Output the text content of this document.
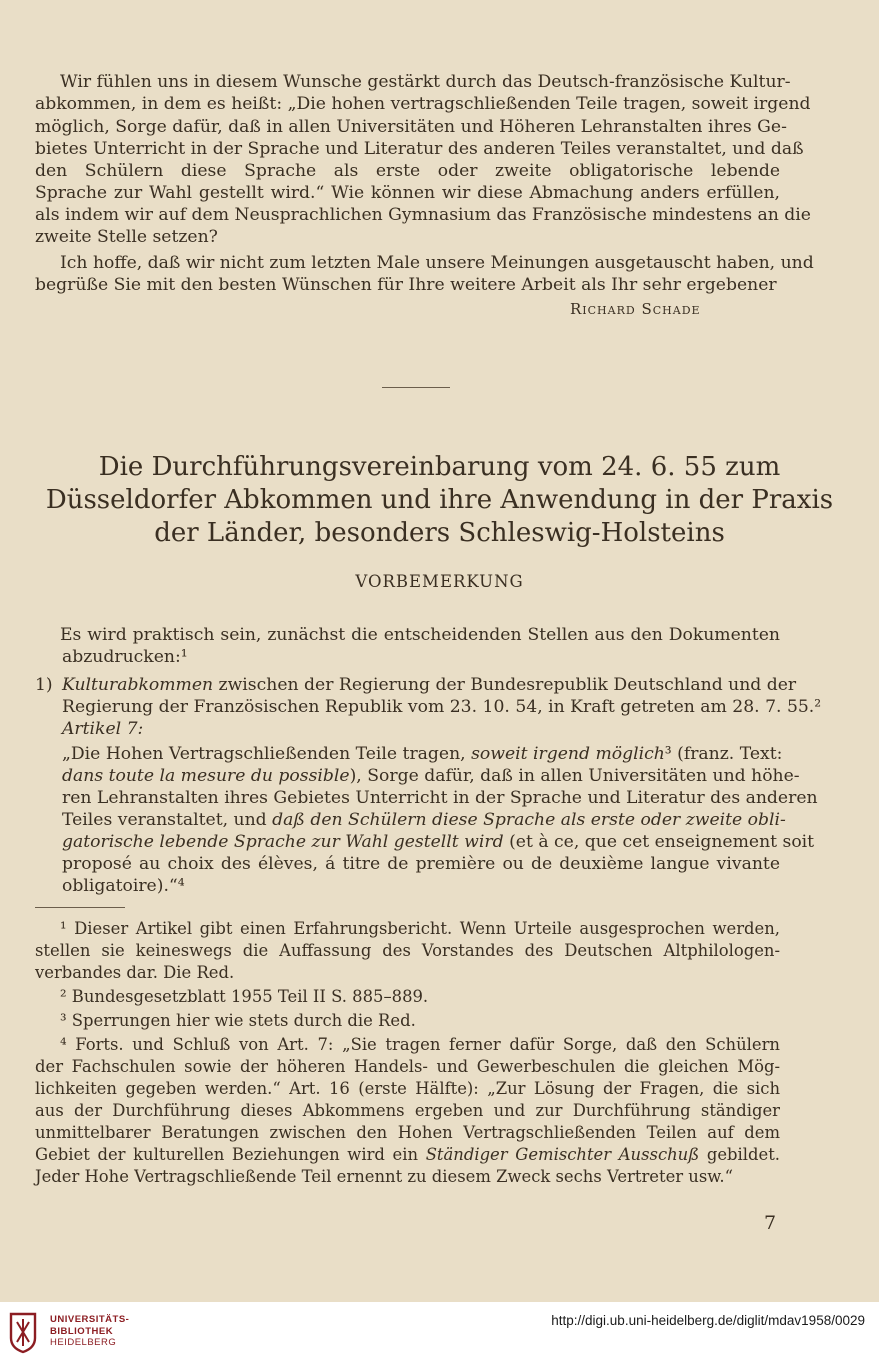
Wir fühlen uns in diesem Wunsche gestärkt durch das Deutsch-französische Kultur-
abkommen, in dem es heißt: „Die hohen vertragschließenden Teile tragen, soweit irgend
möglich, Sorge dafür, daß in allen Universitäten und Höheren Lehranstalten ihres Ge-
bietes Unterricht in der Sprache und Literatur des anderen Teiles veranstaltet, und daß
den Schülern diese Sprache als erste oder zweite obligatorische lebende
Sprache zur Wahl gestellt wird.“ Wie können wir diese Abmachung anders erfüllen,
als indem wir auf dem Neusprachlichen Gymnasium das Französische mindestens an die
zweite Stelle setzen?
Ich hoffe, daß wir nicht zum letzten Male unsere Meinungen ausgetauscht haben, und
begrüße Sie mit den besten Wünschen für Ihre weitere Arbeit als Ihr sehr ergebener
Richard Schade
Die Durchführungsvereinbarung vom 24. 6. 55 zum
Düsseldorfer Abkommen und ihre Anwendung in der Praxis
der Länder, besonders Schleswig-Holsteins
VORBEMERKUNG
Es wird praktisch sein, zunächst die entscheidenden Stellen aus den Dokumenten
abzudrucken:¹
1) Kulturabkommen zwischen der Regierung der Bundesrepublik Deutschland und der
Regierung der Französischen Republik vom 23. 10. 54, in Kraft getreten am 28. 7. 55.²
Artikel 7:
„Die Hohen Vertragschließenden Teile tragen, soweit irgend möglich³ (franz. Text:
dans toute la mesure du possible), Sorge dafür, daß in allen Universitäten und höhe-
ren Lehranstalten ihres Gebietes Unterricht in der Sprache und Literatur des anderen
Teiles veranstaltet, und daß den Schülern diese Sprache als erste oder zweite obli-
gatorische lebende Sprache zur Wahl gestellt wird (et à ce, que cet enseignement soit
proposé au choix des élèves, á titre de première ou de deuxième langue vivante
obligatoire).“⁴
¹ Dieser Artikel gibt einen Erfahrungsbericht. Wenn Urteile ausgesprochen werden,
stellen sie keineswegs die Auffassung des Vorstandes des Deutschen Altphilologen-
verbandes dar. Die Red.
² Bundesgesetzblatt 1955 Teil II S. 885–889.
³ Sperrungen hier wie stets durch die Red.
⁴ Forts. und Schluß von Art. 7: „Sie tragen ferner dafür Sorge, daß den Schülern
der Fachschulen sowie der höheren Handels- und Gewerbeschulen die gleichen Mög-
lichkeiten gegeben werden.“ Art. 16 (erste Hälfte): „Zur Lösung der Fragen, die sich
aus der Durchführung dieses Abkommens ergeben und zur Durchführung ständiger
unmittelbarer Beratungen zwischen den Hohen Vertragschließenden Teilen auf dem
Gebiet der kulturellen Beziehungen wird ein Ständiger Gemischter Ausschuß gebildet.
Jeder Hohe Vertragschließende Teil ernennt zu diesem Zweck sechs Vertreter usw.“
7
UNIVERSITÄTS-
BIBLIOTHEK
HEIDELBERG
http://digi.ub.uni-heidelberg.de/diglit/mdav1958/0029
